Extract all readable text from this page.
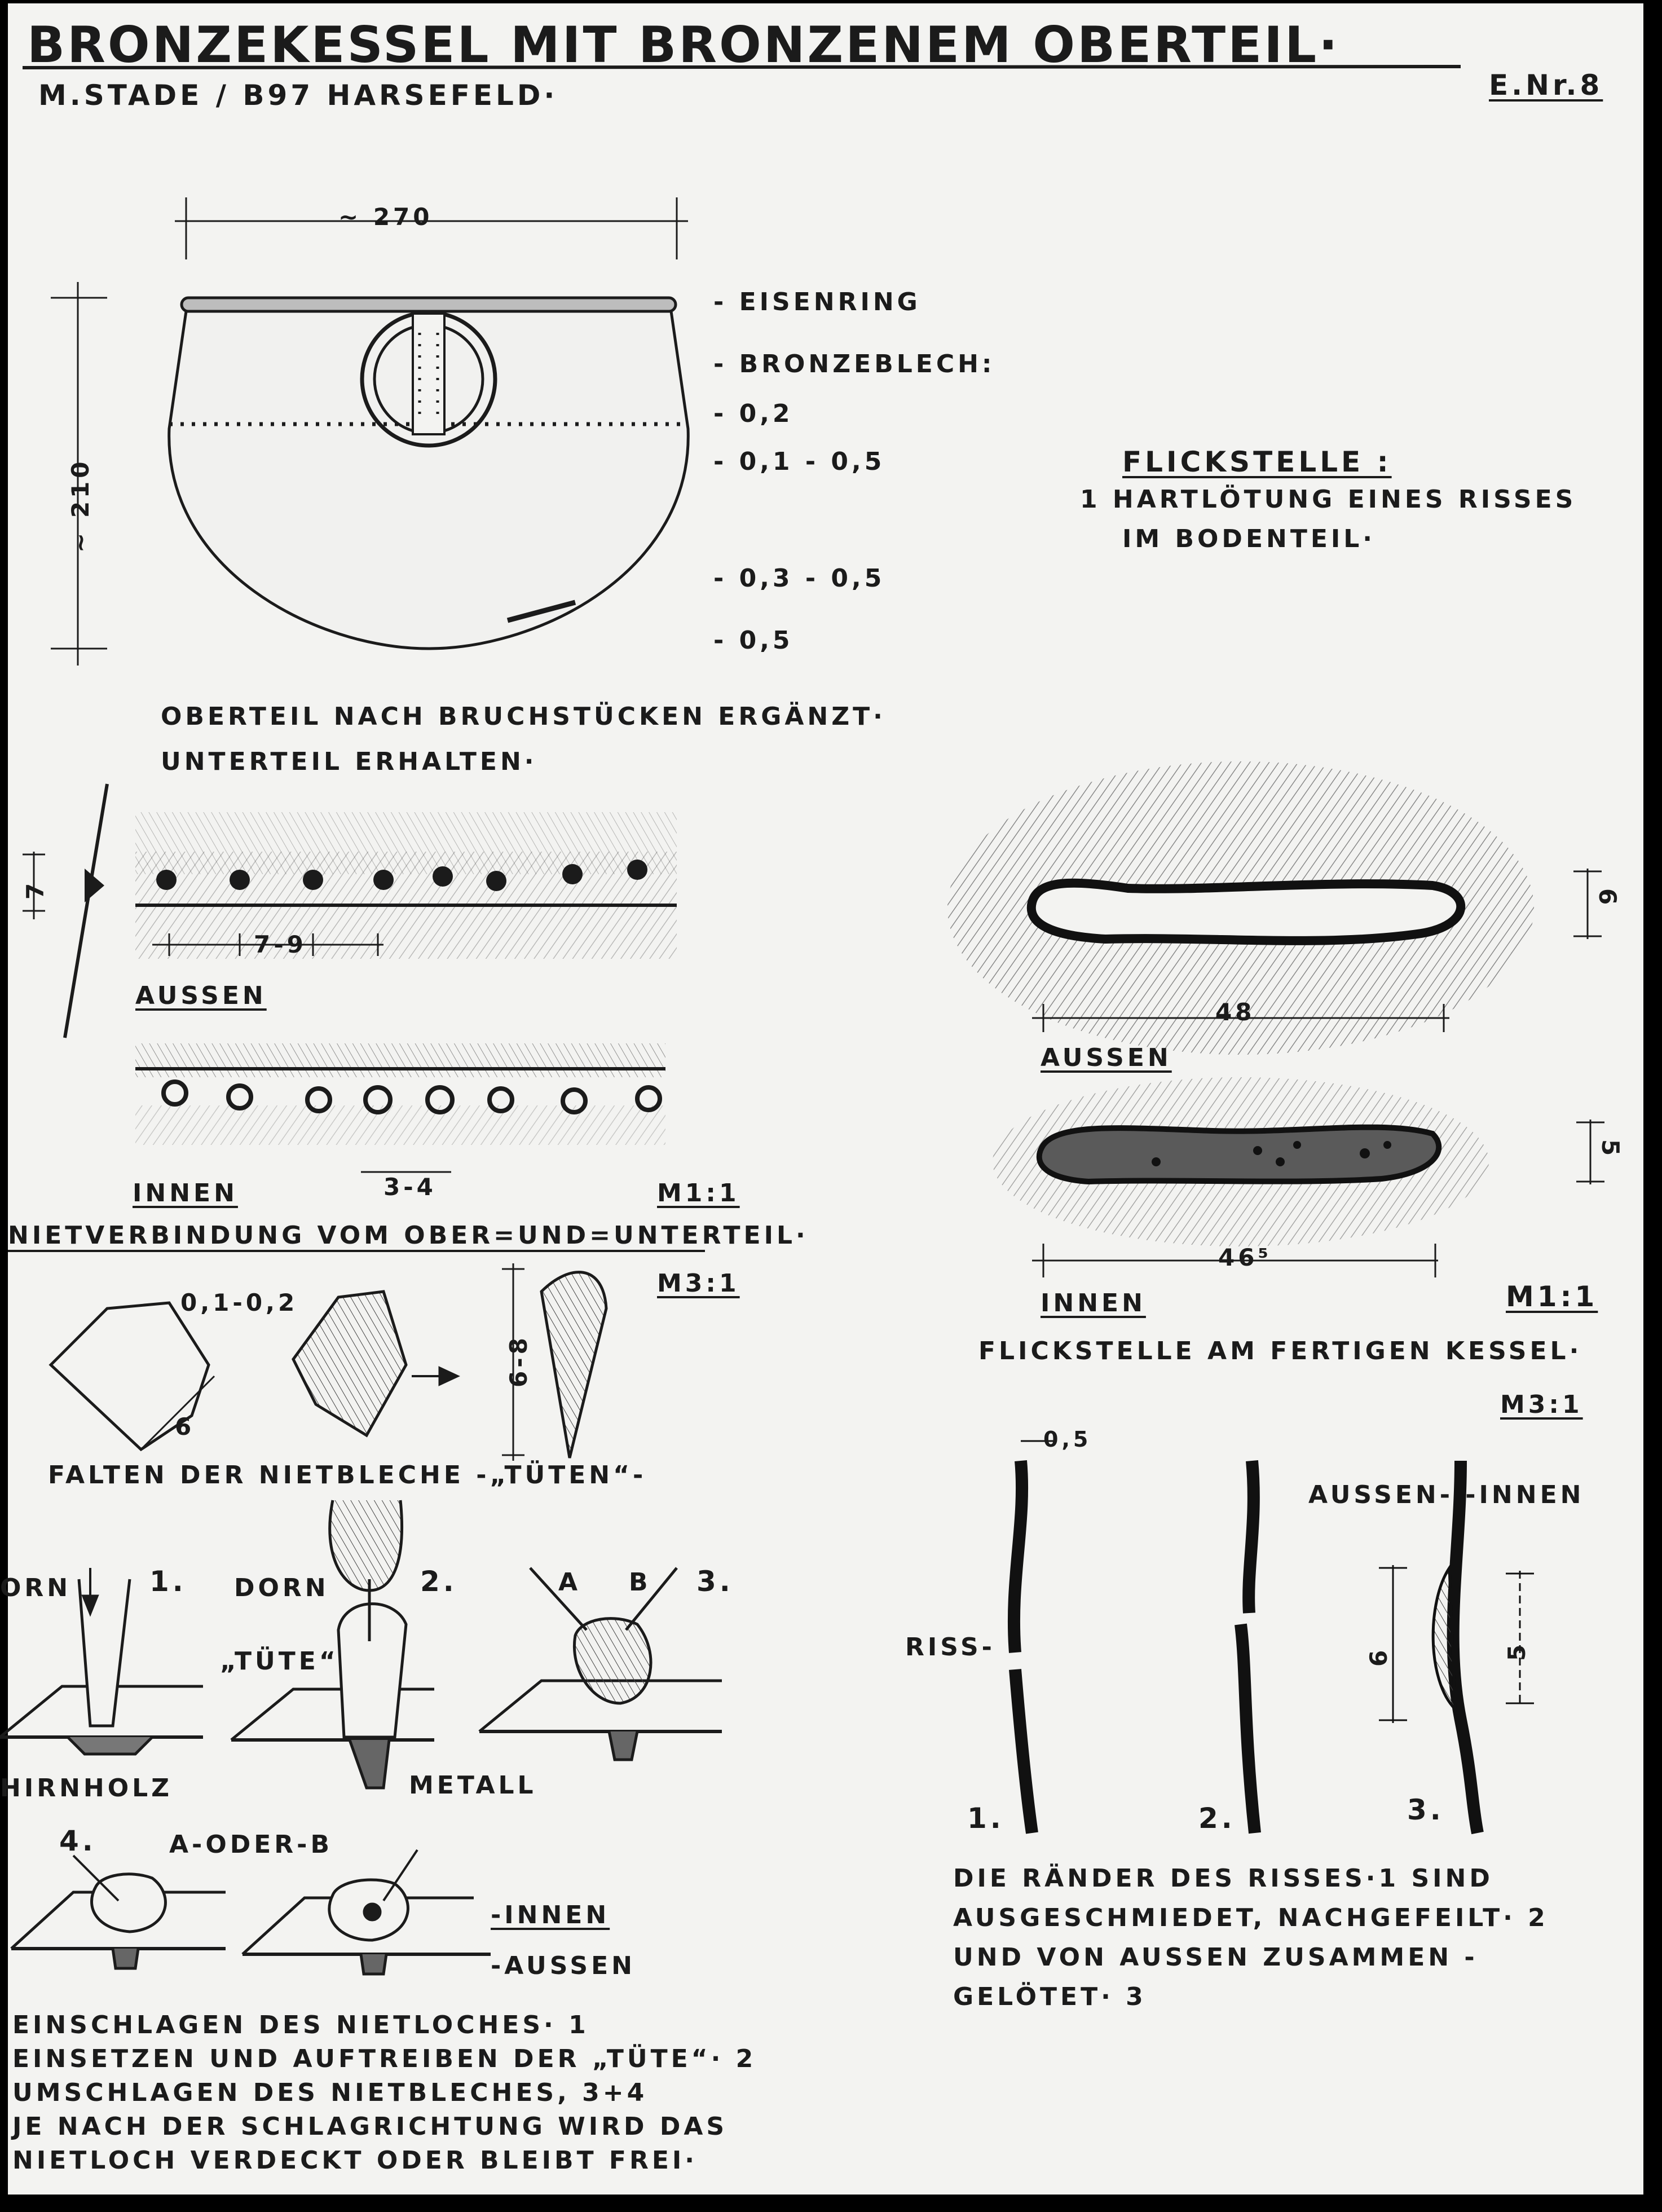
BRONZEKESSEL MIT BRONZENEM OBERTEIL·
M.STADE / B97 HARSEFELD·	E.Nr.8
~ 270
~ 210
- EISENRING
- BRONZEBLECH:
- 0,2
- 0,1 - 0,5
- 0,3 - 0,5
- 0,5
FLICKSTELLE :
1 HARTLÖTUNG EINES RISSES
IM BODENTEIL·
OBERTEIL NACH BRUCHSTÜCKEN ERGÄNZT·
UNTERTEIL ERHALTEN·
7
7-9
AUSSEN
3-4
INNEN	M1:1
NIETVERBINDUNG VOM OBER=UND=UNTERTEIL·
M3:1
0,1-0,2
6
6-8
FALTEN DER NIETBLECHE -„TÜTEN“-
ORN	1. DORN	2.	A B 3.
„TÜTE“
HIRNHOLZ	METALL
4.	A-ODER-B
-INNEN
-AUSSEN
EINSCHLAGEN DES NIETLOCHES· 1
EINSETZEN UND AUFTREIBEN DER „TÜTE“· 2
UMSCHLAGEN DES NIETBLECHES, 3+4
JE NACH DER SCHLAGRICHTUNG WIRD DAS
NIETLOCH VERDECKT ODER BLEIBT FREI·
6
48
AUSSEN
5
46⁵
INNEN	M1:1
FLICKSTELLE AM FERTIGEN KESSEL·
M3:1
0,5
RISS-
AUSSEN- -INNEN
6	5
1.	2.	3.
DIE RÄNDER DES RISSES·1 SIND
AUSGESCHMIEDET, NACHGEFEILT· 2
UND VON AUSSEN ZUSAMMEN -
GELÖTET· 3
